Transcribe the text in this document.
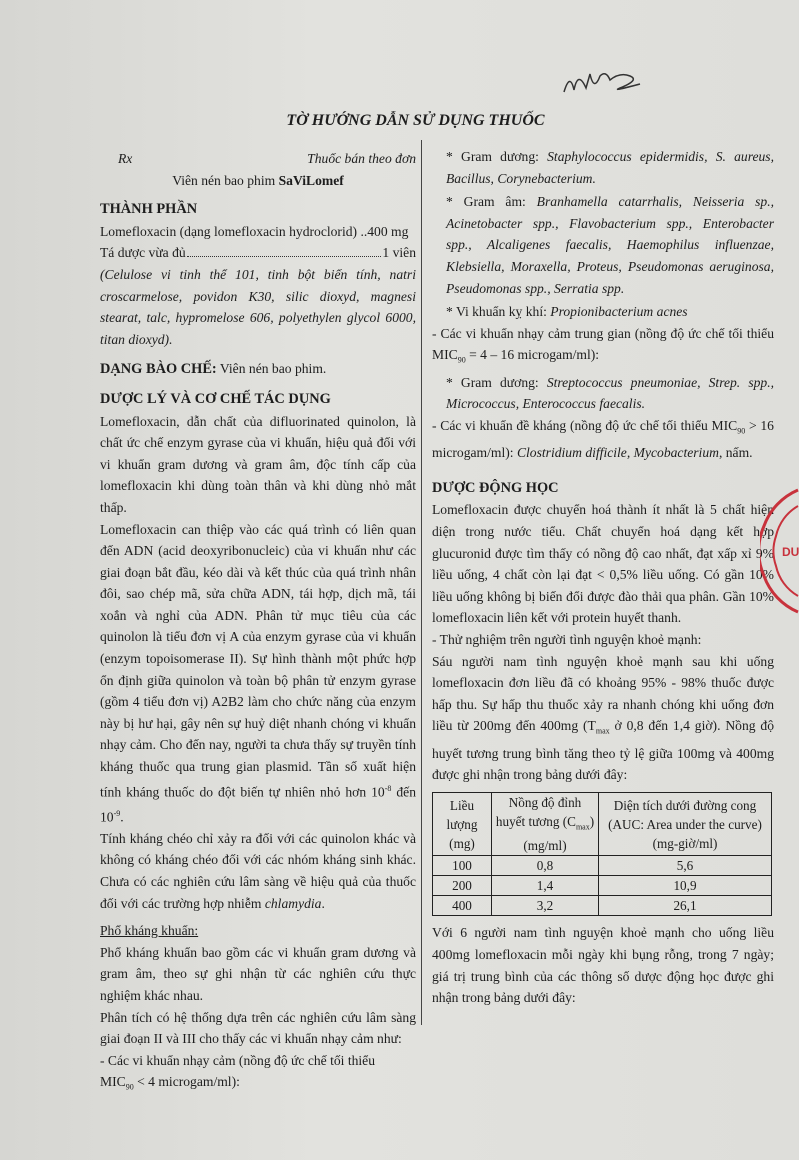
TỜ HƯỚNG DẪN SỬ DỤNG THUỐC
Rx	Thuốc bán theo đơn

Viên nén bao phim SaViLomef

THÀNH PHẦN

Lomefloxacin (dạng lomefloxacin hydroclorid) ..400 mg

Tá dược vừa đủ	1 viên

(Celulose vi tinh thể 101, tinh bột biến tính, natri croscarmelose, povidon K30, silic dioxyd, magnesi stearat, talc, hypromelose 606, polyethylen glycol 6000, titan dioxyd).

DẠNG BÀO CHẾ: Viên nén bao phim.

DƯỢC LÝ VÀ CƠ CHẾ TÁC DỤNG

Lomefloxacin, dẫn chất của difluorinated quinolon, là chất ức chế enzym gyrase của vi khuẩn, hiệu quả đối với vi khuẩn gram dương và gram âm, độc tính cấp của lomefloxacin khi dùng toàn thân và khi dùng nhỏ mắt thấp.

Lomefloxacin can thiệp vào các quá trình có liên quan đến ADN (acid deoxyribonucleic) của vi khuẩn như các giai đoạn bắt đầu, kéo dài và kết thúc của quá trình nhân đôi, sao chép mã, sửa chữa ADN, tái hợp, dịch mã, tái xoắn và nghỉ của ADN. Phân tử mục tiêu của các quinolon là tiểu đơn vị A của enzym gyrase của vi khuẩn (enzym topoisomerase II). Sự hình thành một phức hợp ổn định giữa quinolon và toàn bộ phân tử enzym gyrase (gồm 4 tiểu đơn vị) A2B2 làm cho chức năng của enzym này bị hư hại, gây nên sự huỷ diệt nhanh chóng vi khuẩn nhạy cảm. Cho đến nay, người ta chưa thấy sự truyền tính kháng thuốc qua trung gian plasmid. Tần số xuất hiện tính kháng thuốc do đột biến tự nhiên nhỏ hơn $10^{-8}$ đến $10^{-9}$.

Tính kháng chéo chỉ xảy ra đối với các quinolon khác và không có kháng chéo đối với các nhóm kháng sinh khác. Chưa có các nghiên cứu lâm sàng về hiệu quả của thuốc đối với các trường hợp nhiễm chlamydia.

Phổ kháng khuẩn:

Phổ kháng khuẩn bao gồm các vi khuẩn gram dương và gram âm, theo sự ghi nhận từ các nghiên cứu thực nghiệm khác nhau.

Phân tích có hệ thống dựa trên các nghiên cứu lâm sàng giai đoạn II và III cho thấy các vi khuẩn nhạy cảm như:

- Các vi khuẩn nhạy cảm (nồng độ ức chế tối thiểu

$MIC_{90} < 4$ microgam/ml):

* Gram dương: Staphylococcus epidermidis, S. aureus, Bacillus, Corynebacterium.

* Gram âm: Branhamella catarrhalis, Neisseria sp., Acinetobacter spp., Flavobacterium spp., Enterobacter spp., Alcaligenes faecalis, Haemophilus influenzae, Klebsiella, Moraxella, Proteus, Pseudomonas aeruginosa, Pseudomonas spp., Serratia spp.

* Vi khuẩn kỵ khí: Propionibacterium acnes

- Các vi khuẩn nhạy cảm trung gian (nồng độ ức chế tối thiểu $MIC_{90} = 4 - 16$ microgam/ml):

* Gram dương: Streptococcus pneumoniae, Strep. spp., Micrococcus, Enterococcus faecalis.

- Các vi khuẩn đề kháng (nồng độ ức chế tối thiểu $MIC_{90} > 16$ microgam/ml): Clostridium difficile, Mycobacterium, nấm.

DƯỢC ĐỘNG HỌC

Lomefloxacin được chuyển hoá thành ít nhất là 5 chất hiện diện trong nước tiểu. Chất chuyển hoá dạng kết hợp glucuronid được tìm thấy có nồng độ cao nhất, đạt xấp xỉ 9% liều uống, 4 chất còn lại đạt < 0,5% liều uống. Có gần 10% liều uống không bị biến đổi được đào thải qua phân. Gần 10% lomefloxacin liên kết với protein huyết thanh.

- Thử nghiệm trên người tình nguyện khoẻ mạnh:

Sáu người nam tình nguyện khoẻ mạnh sau khi uống lomefloxacin đơn liều đã có khoảng 95% - 98% thuốc được hấp thu. Sự hấp thu thuốc xảy ra nhanh chóng khi uống đơn liều từ 200mg đến 400mg ($T_{max}$ ở 0,8 đến 1,4 giờ). Nồng độ huyết tương trung bình tăng theo tỷ lệ giữa 100mg và 400mg được ghi nhận trong bảng dưới đây:

Liều lượng (mg)	Nồng độ đỉnh huyết tương $(C_{max})$ (mg/ml)	Diện tích dưới đường cong (AUC: Area under the curve) (mg-giờ/ml)
100	0,8	5,6
200	1,4	10,9
400	3,2	26,1

Với 6 người nam tình nguyện khoẻ mạnh cho uống liều 400mg lomefloxacin mỗi ngày khi bụng rỗng, trong 7 ngày; giá trị trung bình của các thông số dược động học được ghi nhận trong bảng dưới đây:

DU
